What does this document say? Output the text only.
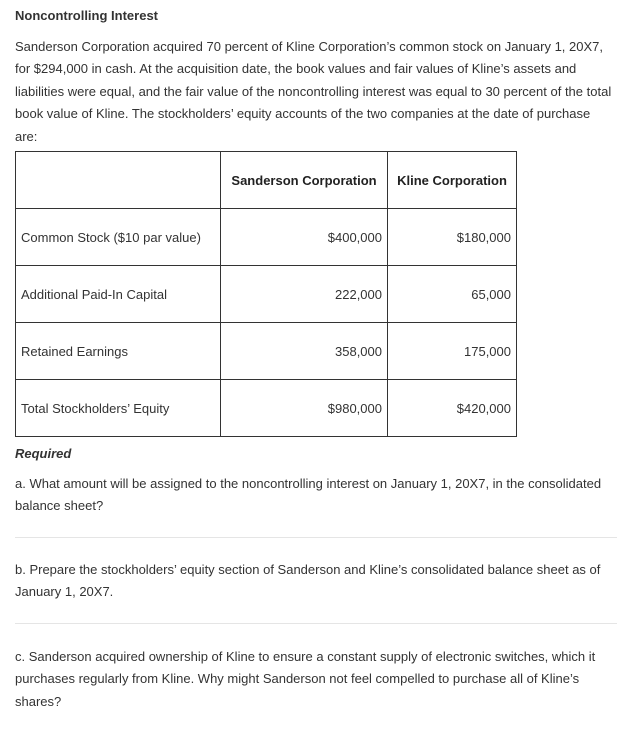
Noncontrolling Interest
Sanderson Corporation acquired 70 percent of Kline Corporation’s common stock on January 1, 20X7, for $294,000 in cash. At the acquisition date, the book values and fair values of Kline’s assets and liabilities were equal, and the fair value of the noncontrolling interest was equal to 30 percent of the total book value of Kline. The stockholders’ equity accounts of the two companies at the date of purchase are:
	Sanderson Corporation	Kline Corporation
Common Stock ($10 par value)	$400,000	$180,000
Additional Paid-In Capital	222,000	65,000
Retained Earnings	358,000	175,000
Total Stockholders’ Equity	$980,000	$420,000
Required
a. What amount will be assigned to the noncontrolling interest on January 1, 20X7, in the consolidated balance sheet?
b. Prepare the stockholders’ equity section of Sanderson and Kline’s consolidated balance sheet as of January 1, 20X7.
c. Sanderson acquired ownership of Kline to ensure a constant supply of electronic switches, which it purchases regularly from Kline. Why might Sanderson not feel compelled to purchase all of Kline’s shares?
